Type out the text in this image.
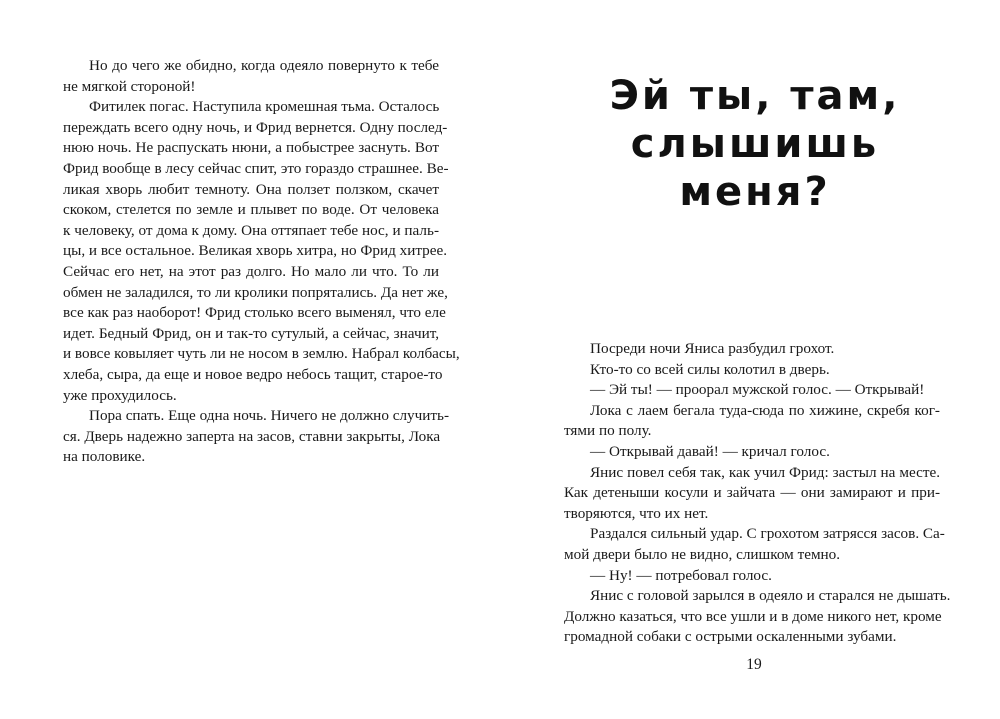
Но до чего же обидно, когда одеяло повернуто к тебе
не мягкой стороной!
Фитилек погас. Наступила кромешная тьма. Осталось
переждать всего одну ночь, и Фрид вернется. Одну послед-
нюю ночь. Не распускать нюни, а побыстрее заснуть. Вот
Фрид вообще в лесу сейчас спит, это гораздо страшнее. Ве-
ликая хворь любит темноту. Она ползет ползком, скачет
скоком, стелется по земле и плывет по воде. От человека
к человеку, от дома к дому. Она оттяпает тебе нос, и паль-
цы, и все остальное. Великая хворь хитра, но Фрид хитрее.
Сейчас его нет, на этот раз долго. Но мало ли что. То ли
обмен не заладился, то ли кролики попрятались. Да нет же,
все как раз наоборот! Фрид столько всего выменял, что еле
идет. Бедный Фрид, он и так-то сутулый, а сейчас, значит,
и вовсе ковыляет чуть ли не носом в землю. Набрал колбасы,
хлеба, сыра, да еще и новое ведро небось тащит, старое-то
уже прохудилось.
Пора спать. Еще одна ночь. Ничего не должно случить-
ся. Дверь надежно заперта на засов, ставни закрыты, Лока
на половике.
Эй ты, там,
слышишь меня?
Посреди ночи Яниса разбудил грохот.
Кто-то со всей силы колотил в дверь.
— Эй ты! — проорал мужской голос. — Открывай!
Лока с лаем бегала туда-сюда по хижине, скребя ког-
тями по полу.
— Открывай давай! — кричал голос.
Янис повел себя так, как учил Фрид: застыл на месте.
Как детеныши косули и зайчата — они замирают и при-
творяются, что их нет.
Раздался сильный удар. С грохотом затрясся засов. Са-
мой двери было не видно, слишком темно.
— Ну! — потребовал голос.
Янис с головой зарылся в одеяло и старался не дышать.
Должно казаться, что все ушли и в доме никого нет, кроме
громадной собаки с острыми оскаленными зубами.
19
